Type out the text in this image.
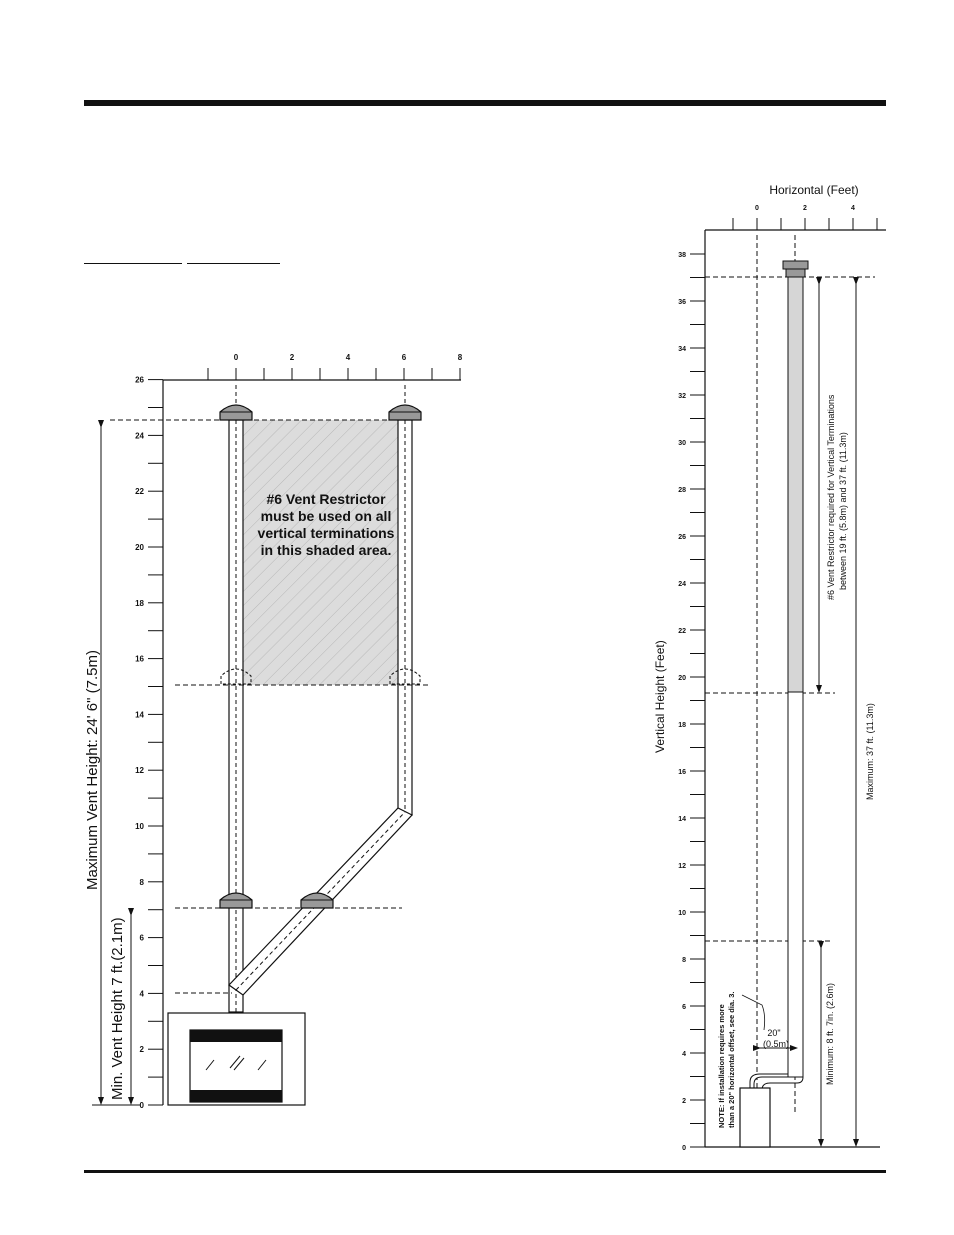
0	2	4	6	8
0
2
4
6
8
10
12
14
16
18
20
22
24
26
Maximum Vent Height: 24' 6" (7.5m)
Min. Vent Height 7 ft.(2.1m)
#6 Vent Restrictor
must be used on all
vertical terminations
in this shaded area.
Horizontal (Feet)
0	2	4
0
2
4
6
8
10
12
14
16
18
20
22
24
26
28
30
32
34
36
38
Vertical Height (Feet)
20"
(0.5m)
#6 Vent Restrictor required for Vertical Terminations between 19 ft. (5.8m) and 37 ft. (11.3m)
Maximum: 37 ft. (11.3m)
Minimum: 8 ft. 7in. (2.6m)
NOTE: If installation requires more than a 20" horizontal offset, see dia. 3.
